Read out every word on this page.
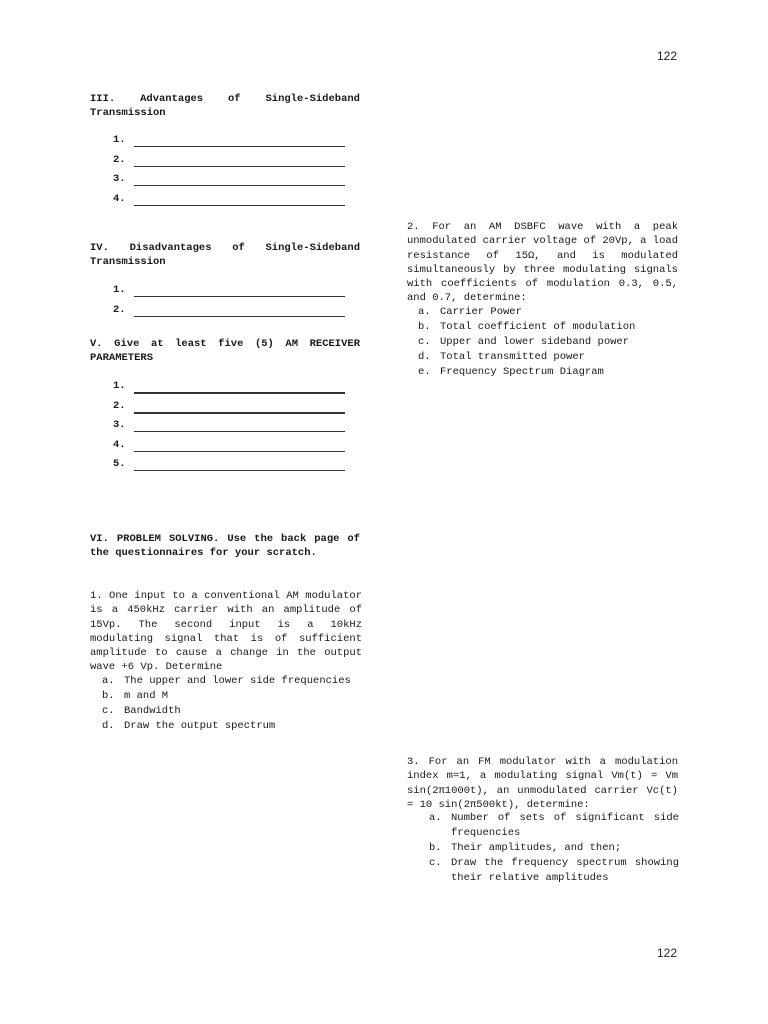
122
III. Advantages of Single-Sideband Transmission
1.
2.
3.
4.
IV. Disadvantages of Single-Sideband Transmission
1.
2.
V. Give at least five (5) AM RECEIVER PARAMETERS
1.
2.
3.
4.
5.
VI. PROBLEM SOLVING. Use the back page of the questionnaires for your scratch.

1. One input to a conventional AM modulator is a 450kHz carrier with an amplitude of 15Vp. The second input is a 10kHz modulating signal that is of sufficient amplitude to cause a change in the output wave +6 Vp. Determine

a. The upper and lower side frequencies
b. m and M
c. Bandwidth
d. Draw the output spectrum

2. For an AM DSBFC wave with a peak unmodulated carrier voltage of 20Vp, a load resistance of 15Ω, and is modulated simultaneously by three modulating signals with coefficients of modulation 0.3, 0.5, and 0.7, determine:

a. Carrier Power
b. Total coefficient of modulation
c. Upper and lower sideband power
d. Total transmitted power
e. Frequency Spectrum Diagram

3. For an FM modulator with a modulation index m=1, a modulating signal Vm(t) = Vm sin(2π1000t), an unmodulated carrier Vc(t) = 10 sin(2π500kt), determine:

a. Number of sets of significant side frequencies
b. Their amplitudes, and then;
c. Draw the frequency spectrum showing their relative amplitudes
122
